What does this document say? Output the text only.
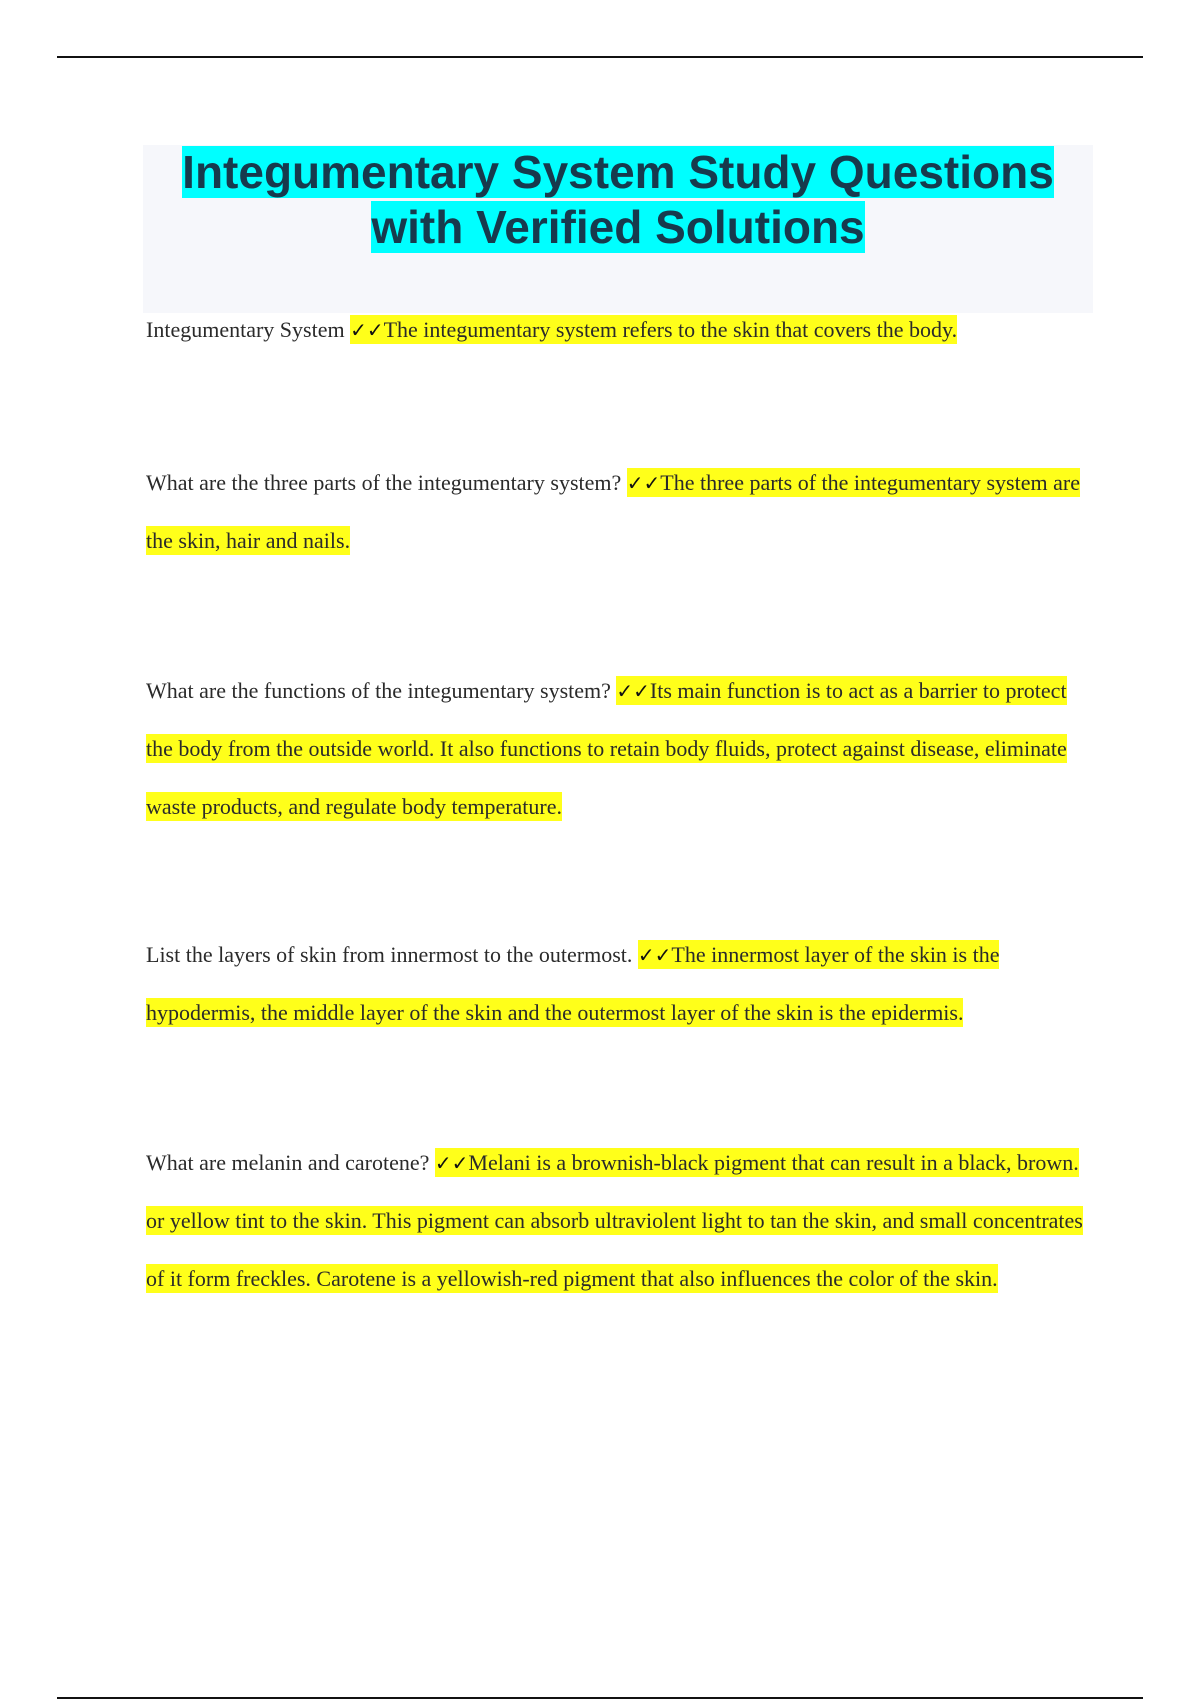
Integumentary System Study Questions
with Verified Solutions

Integumentary System ✓✓The integumentary system refers to the skin that covers the body.

What are the three parts of the integumentary system? ✓✓The three parts of the integumentary system are the skin, hair and nails.

What are the functions of the integumentary system? ✓✓Its main function is to act as a barrier to protect the body from the outside world. It also functions to retain body fluids, protect against disease, eliminate waste products, and regulate body temperature.

List the layers of skin from innermost to the outermost. ✓✓The innermost layer of the skin is the hypodermis, the middle layer of the skin and the outermost layer of the skin is the epidermis.

What are melanin and carotene? ✓✓Melani is a brownish-black pigment that can result in a black, brown. or yellow tint to the skin. This pigment can absorb ultraviolent light to tan the skin, and small concentrates of it form freckles. Carotene is a yellowish-red pigment that also influences the color of the skin.
